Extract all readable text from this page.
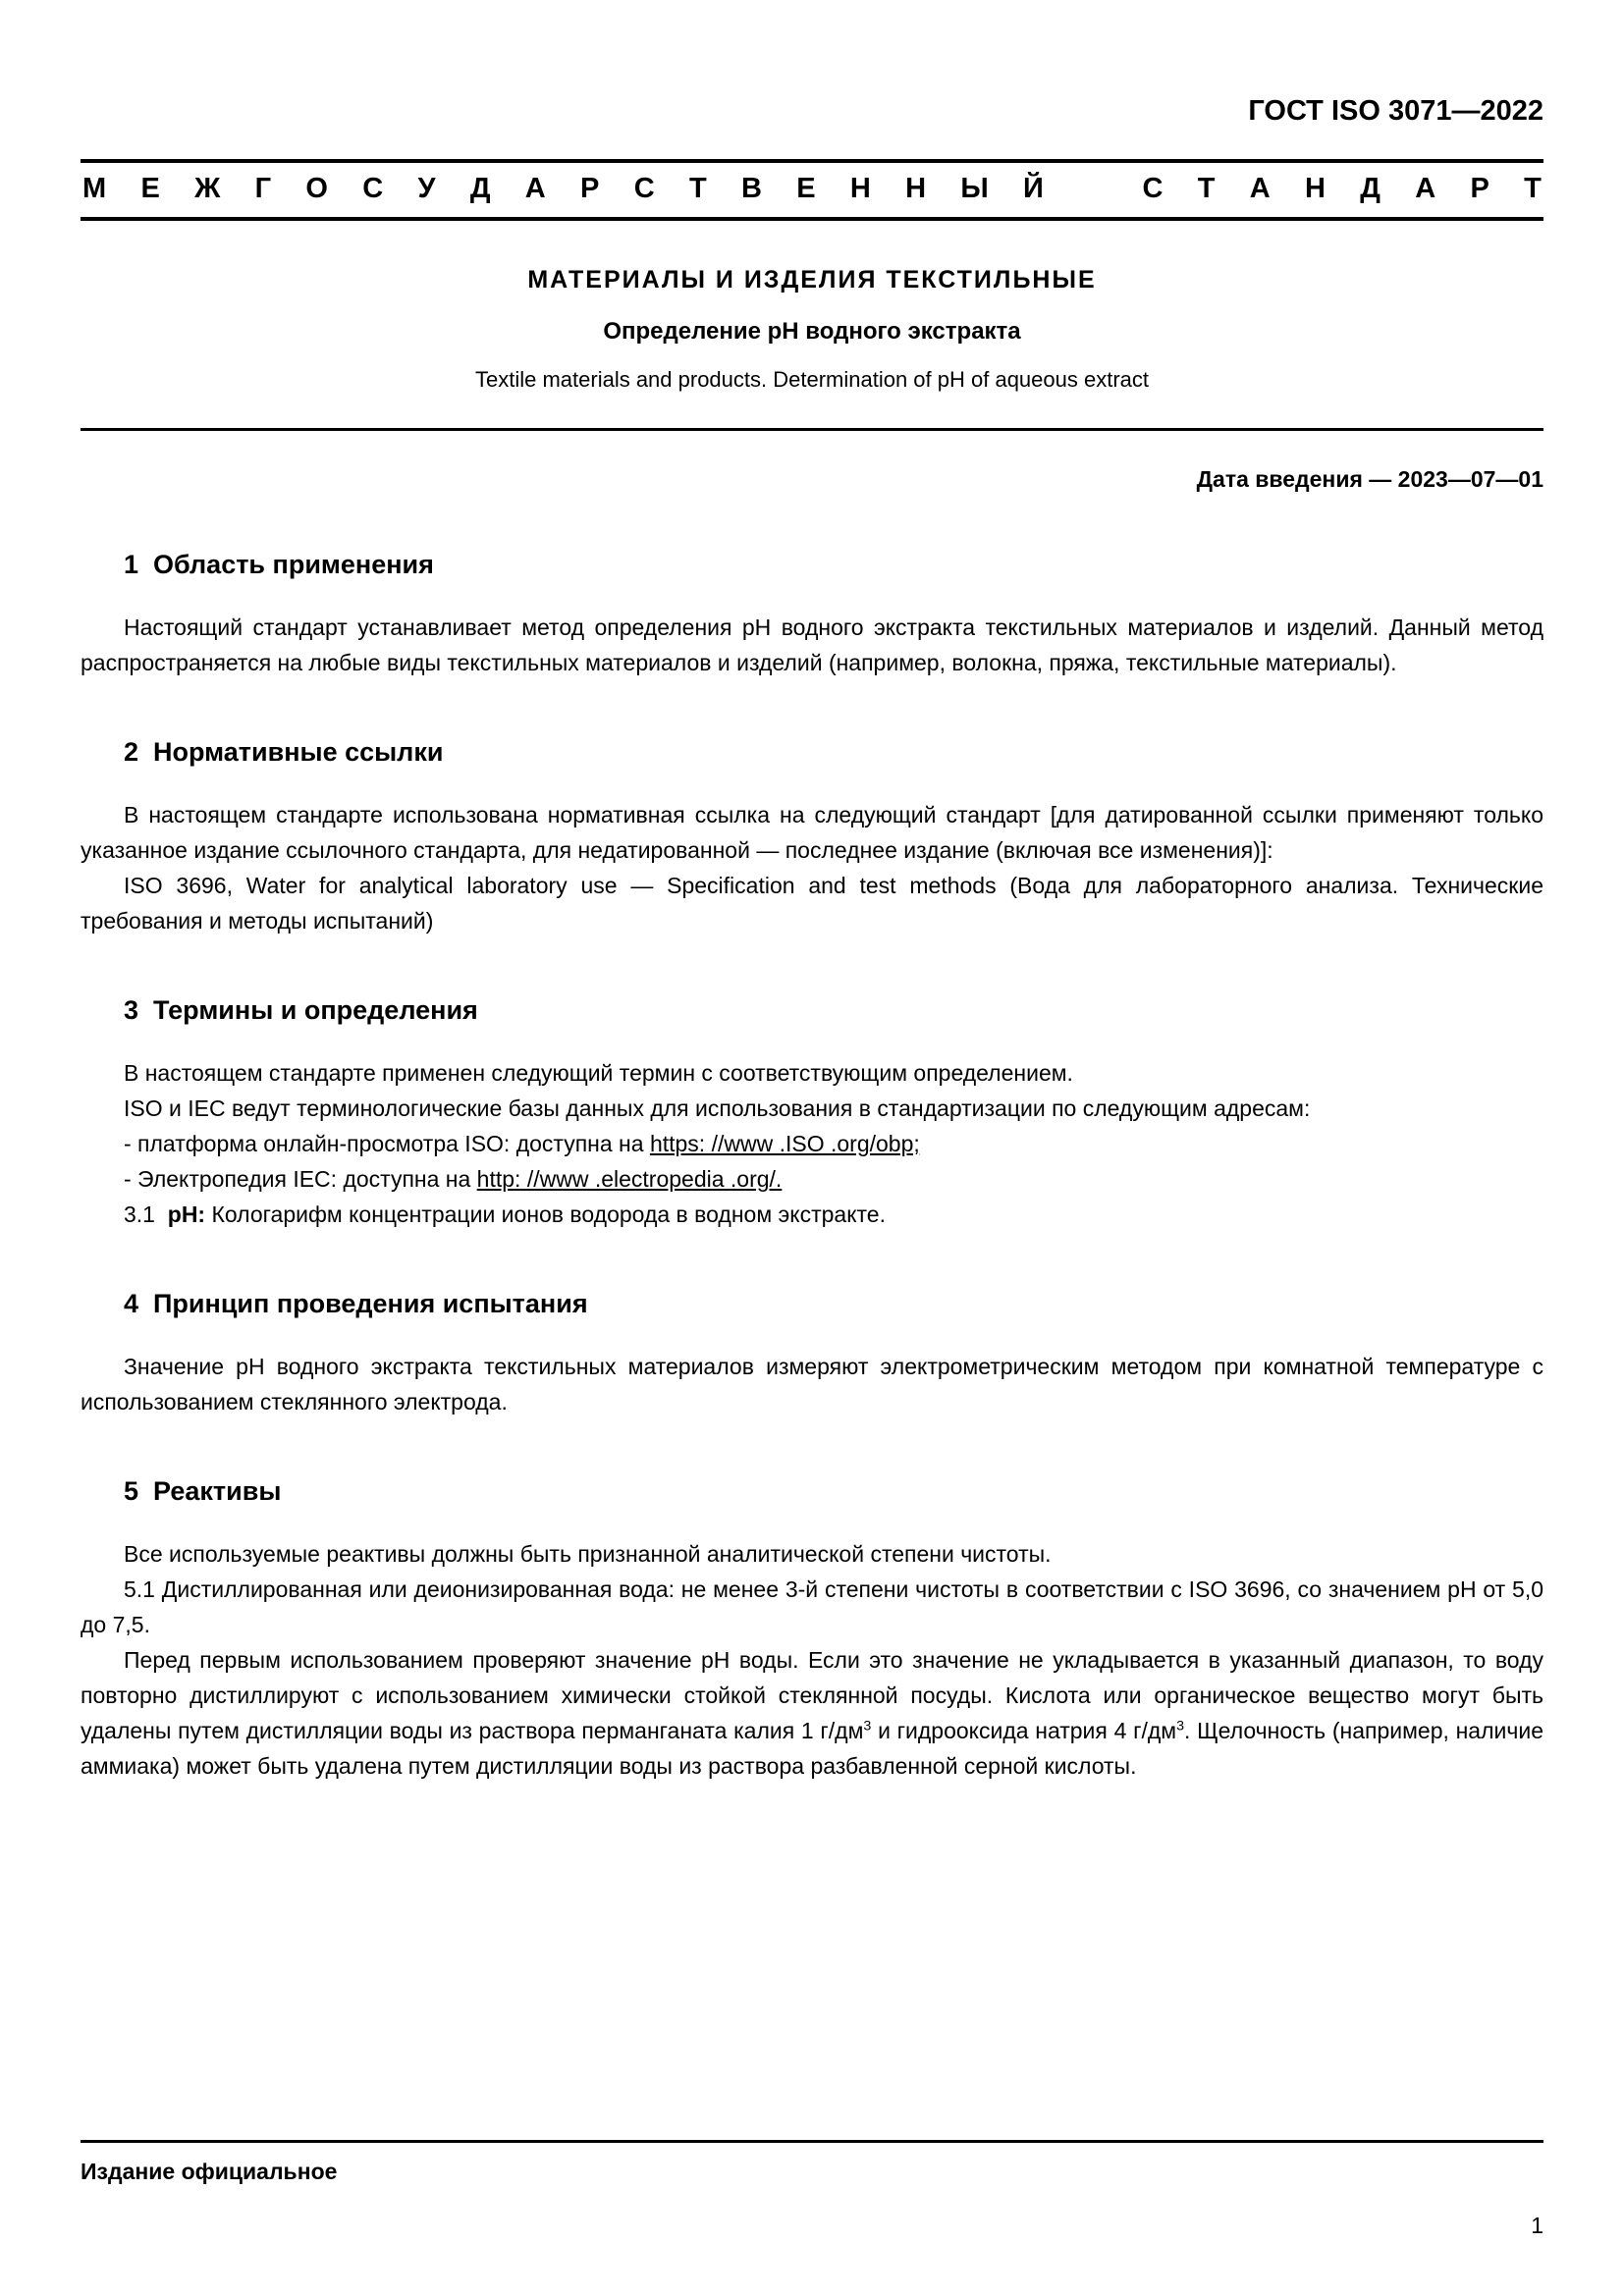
ГОСТ ISO 3071—2022
М Е Ж Г О С У Д А Р С Т В Е Н Н Ы Й
	С Т А Н Д А Р Т
МАТЕРИАЛЫ И ИЗДЕЛИЯ ТЕКСТИЛЬНЫЕ
Определение pH водного экстракта
Textile materials and products. Determination of pH of aqueous extract
Дата введения — 2023—07—01
1  Область применения

Настоящий стандарт устанавливает метод определения pH водного экстракта текстильных материалов и изделий. Данный метод распространяется на любые виды текстильных материалов и изделий (например, волокна, пряжа, текстильные материалы).

2  Нормативные ссылки

В настоящем стандарте использована нормативная ссылка на следующий стандарт [для датированной ссылки применяют только указанное издание ссылочного стандарта, для недатированной — последнее издание (включая все изменения)]:

ISO 3696, Water for analytical laboratory use — Specification and test methods (Вода для лабораторного анализа. Технические требования и методы испытаний)

3  Термины и определения

В настоящем стандарте применен следующий термин с соответствующим определением.

ISO и IEC ведут терминологические базы данных для использования в стандартизации по следующим адресам:

- платформа онлайн-просмотра ISO: доступна на https: //www .ISO .org/obp;

- Электропедия IEC: доступна на http: //www .electropedia .org/.

3.1  pH: Кологарифм концентрации ионов водорода в водном экстракте.

4  Принцип проведения испытания

Значение pH водного экстракта текстильных материалов измеряют электрометрическим методом при комнатной температуре с использованием стеклянного электрода.

5  Реактивы

Все используемые реактивы должны быть признанной аналитической степени чистоты.

5.1 Дистиллированная или деионизированная вода: не менее 3-й степени чистоты в соответствии с ISO 3696, со значением pH от 5,0 до 7,5.

Перед первым использованием проверяют значение pH воды. Если это значение не укладывается в указанный диапазон, то воду повторно дистиллируют с использованием химически стойкой стеклянной посуды. Кислота или органическое вещество могут быть удалены путем дистилляции воды из раствора перманганата калия 1 $г/дм^3$ и гидрооксида натрия 4 $г/дм^3$. Щелочность (например, наличие аммиака) может быть удалена путем дистилляции воды из раствора разбавленной серной кислоты.

Издание официальное
1
